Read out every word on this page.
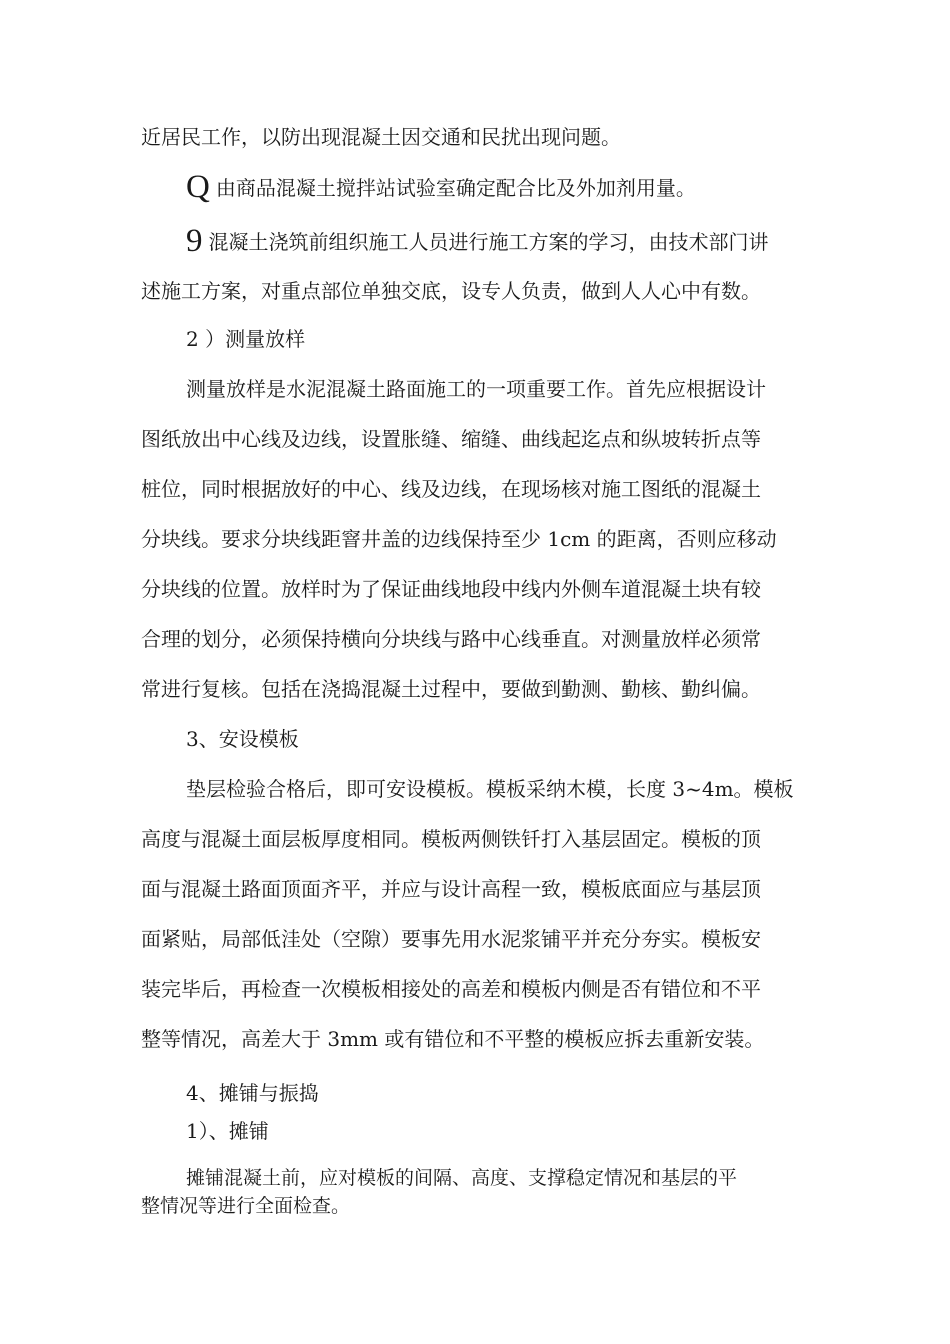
近居民工作，以防出现混凝土因交通和民扰出现问题。
Q由商品混凝土搅拌站试验室确定配合比及外加剂用量。
9 混凝土浇筑前组织施工人员进行施工方案的学习，由技术部门讲
述施工方案，对重点部位单独交底，设专人负责，做到人人心中有数。
2 ）测量放样
测量放样是水泥混凝土路面施工的一项重要工作。首先应根据设计
图纸放出中心线及边线，设置胀缝、缩缝、曲线起迄点和纵坡转折点等
桩位，同时根据放好的中心、线及边线，在现场核对施工图纸的混凝土
分块线。要求分块线距窨井盖的边线保持至少 1cm 的距离，否则应移动
分块线的位置。放样时为了保证曲线地段中线内外侧车道混凝土块有较
合理的划分，必须保持横向分块线与路中心线垂直。对测量放样必须常
常进行复核。包括在浇捣混凝土过程中，要做到勤测、勤核、勤纠偏。
3、安设模板
垫层检验合格后，即可安设模板。模板采纳木模，长度 3~4m。模板
高度与混凝土面层板厚度相同。模板两侧铁钎打入基层固定。模板的顶
面与混凝土路面顶面齐平，并应与设计高程一致，模板底面应与基层顶
面紧贴，局部低洼处（空隙）要事先用水泥浆铺平并充分夯实。模板安
装完毕后，再检查一次模板相接处的高差和模板内侧是否有错位和不平
整等情况，高差大于 3mm 或有错位和不平整的模板应拆去重新安装。
4、摊铺与振捣
1）、摊铺
摊铺混凝土前，应对模板的间隔、高度、支撑稳定情况和基层的平
整情况等进行全面检查。
